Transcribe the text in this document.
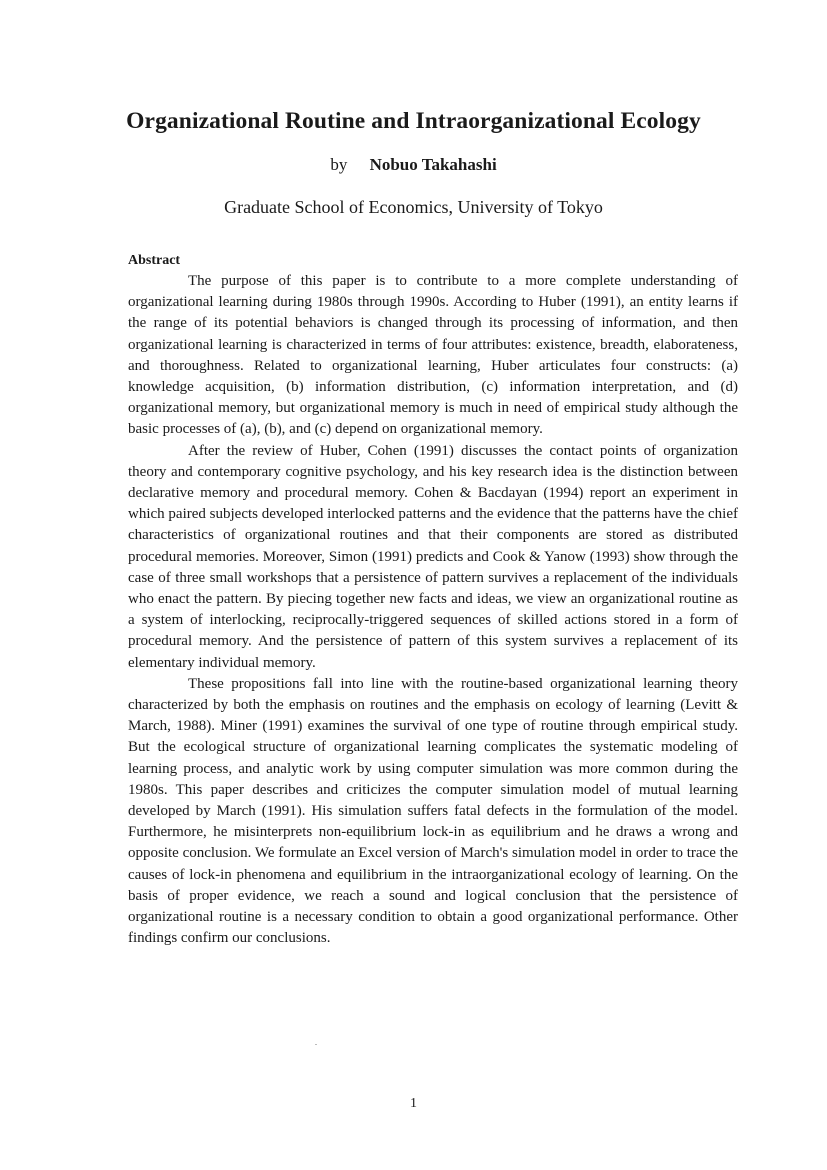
Organizational Routine and Intraorganizational Ecology

by Nobuo Takahashi

Graduate School of Economics, University of Tokyo

Abstract

The purpose of this paper is to contribute to a more complete understanding of organizational learning during 1980s through 1990s. According to Huber (1991), an entity learns if the range of its potential behaviors is changed through its processing of information, and then organizational learning is characterized in terms of four attributes: existence, breadth, elaborateness, and thoroughness. Related to organizational learning, Huber articulates four constructs: (a) knowledge acquisition, (b) information distribution, (c) information interpretation, and (d) organizational memory, but organizational memory is much in need of empirical study although the basic processes of (a), (b), and (c) depend on organizational memory.

After the review of Huber, Cohen (1991) discusses the contact points of organization theory and contemporary cognitive psychology, and his key research idea is the distinction between declarative memory and procedural memory. Cohen & Bacdayan (1994) report an experiment in which paired subjects developed interlocked patterns and the evidence that the patterns have the chief characteristics of organizational routines and that their components are stored as distributed procedural memories. Moreover, Simon (1991) predicts and Cook & Yanow (1993) show through the case of three small workshops that a persistence of pattern survives a replacement of the individuals who enact the pattern. By piecing together new facts and ideas, we view an organizational routine as a system of interlocking, reciprocally-triggered sequences of skilled actions stored in a form of procedural memory. And the persistence of pattern of this system survives a replacement of its elementary individual memory.

These propositions fall into line with the routine-based organizational learning theory characterized by both the emphasis on routines and the emphasis on ecology of learning (Levitt & March, 1988). Miner (1991) examines the survival of one type of routine through empirical study. But the ecological structure of organizational learning complicates the systematic modeling of learning process, and analytic work by using computer simulation was more common during the 1980s. This paper describes and criticizes the computer simulation model of mutual learning developed by March (1991). His simulation suffers fatal defects in the formulation of the model. Furthermore, he misinterprets non-equilibrium lock-in as equilibrium and he draws a wrong and opposite conclusion. We formulate an Excel version of March's simulation model in order to trace the causes of lock-in phenomena and equilibrium in the intraorganizational ecology of learning. On the basis of proper evidence, we reach a sound and logical conclusion that the persistence of organizational routine is a necessary condition to obtain a good organizational performance. Other findings confirm our conclusions.

1
